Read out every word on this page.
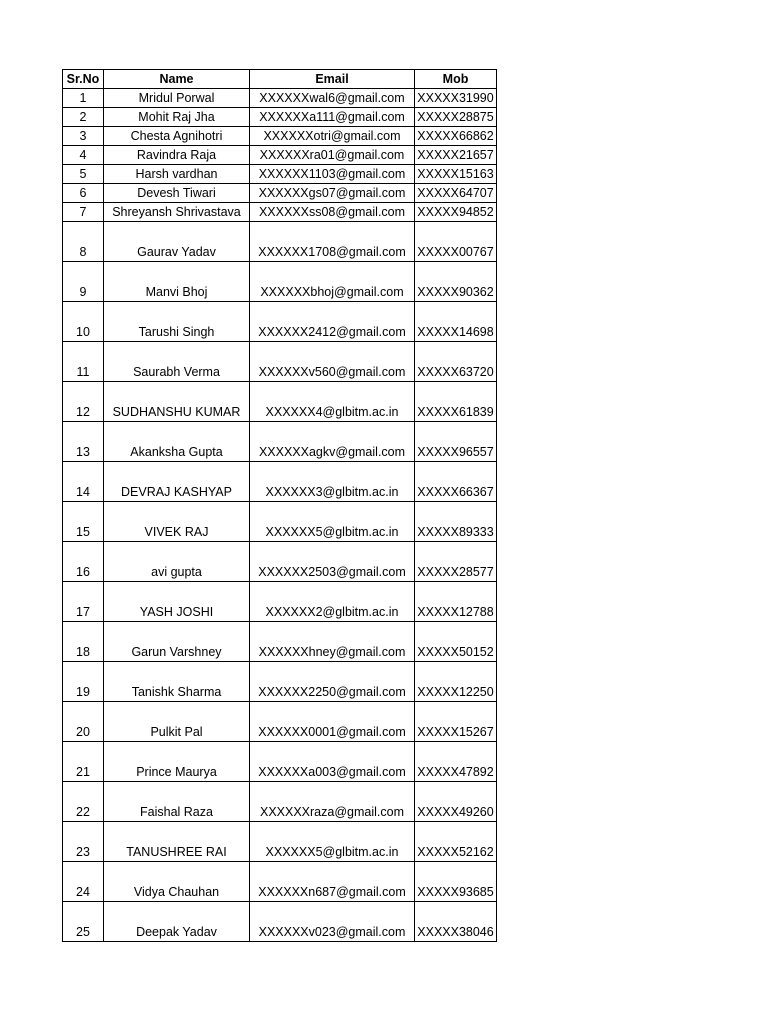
Sr.No	Name	Email	Mob
1	Mridul Porwal	XXXXXXwal6@gmail.com	XXXXX31990
2	Mohit Raj Jha	XXXXXXa111@gmail.com	XXXXX28875
3	Chesta Agnihotri	XXXXXXotri@gmail.com	XXXXX66862
4	Ravindra Raja	XXXXXXra01@gmail.com	XXXXX21657
5	Harsh vardhan	XXXXXX1103@gmail.com	XXXXX15163
6	Devesh Tiwari	XXXXXXgs07@gmail.com	XXXXX64707
7	Shreyansh Shrivastava	XXXXXXss08@gmail.com	XXXXX94852
8	Gaurav Yadav	XXXXXX1708@gmail.com	XXXXX00767
9	Manvi Bhoj	XXXXXXbhoj@gmail.com	XXXXX90362
10	Tarushi Singh	XXXXXX2412@gmail.com	XXXXX14698
11	Saurabh Verma	XXXXXXv560@gmail.com	XXXXX63720
12	SUDHANSHU KUMAR	XXXXXX4@glbitm.ac.in	XXXXX61839
13	Akanksha Gupta	XXXXXXagkv@gmail.com	XXXXX96557
14	DEVRAJ KASHYAP	XXXXXX3@glbitm.ac.in	XXXXX66367
15	VIVEK RAJ	XXXXXX5@glbitm.ac.in	XXXXX89333
16	avi gupta	XXXXXX2503@gmail.com	XXXXX28577
17	YASH JOSHI	XXXXXX2@glbitm.ac.in	XXXXX12788
18	Garun Varshney	XXXXXXhney@gmail.com	XXXXX50152
19	Tanishk Sharma	XXXXXX2250@gmail.com	XXXXX12250
20	Pulkit Pal	XXXXXX0001@gmail.com	XXXXX15267
21	Prince Maurya	XXXXXXa003@gmail.com	XXXXX47892
22	Faishal Raza	XXXXXXraza@gmail.com	XXXXX49260
23	TANUSHREE RAI	XXXXXX5@glbitm.ac.in	XXXXX52162
24	Vidya Chauhan	XXXXXXn687@gmail.com	XXXXX93685
25	Deepak Yadav	XXXXXXv023@gmail.com	XXXXX38046
